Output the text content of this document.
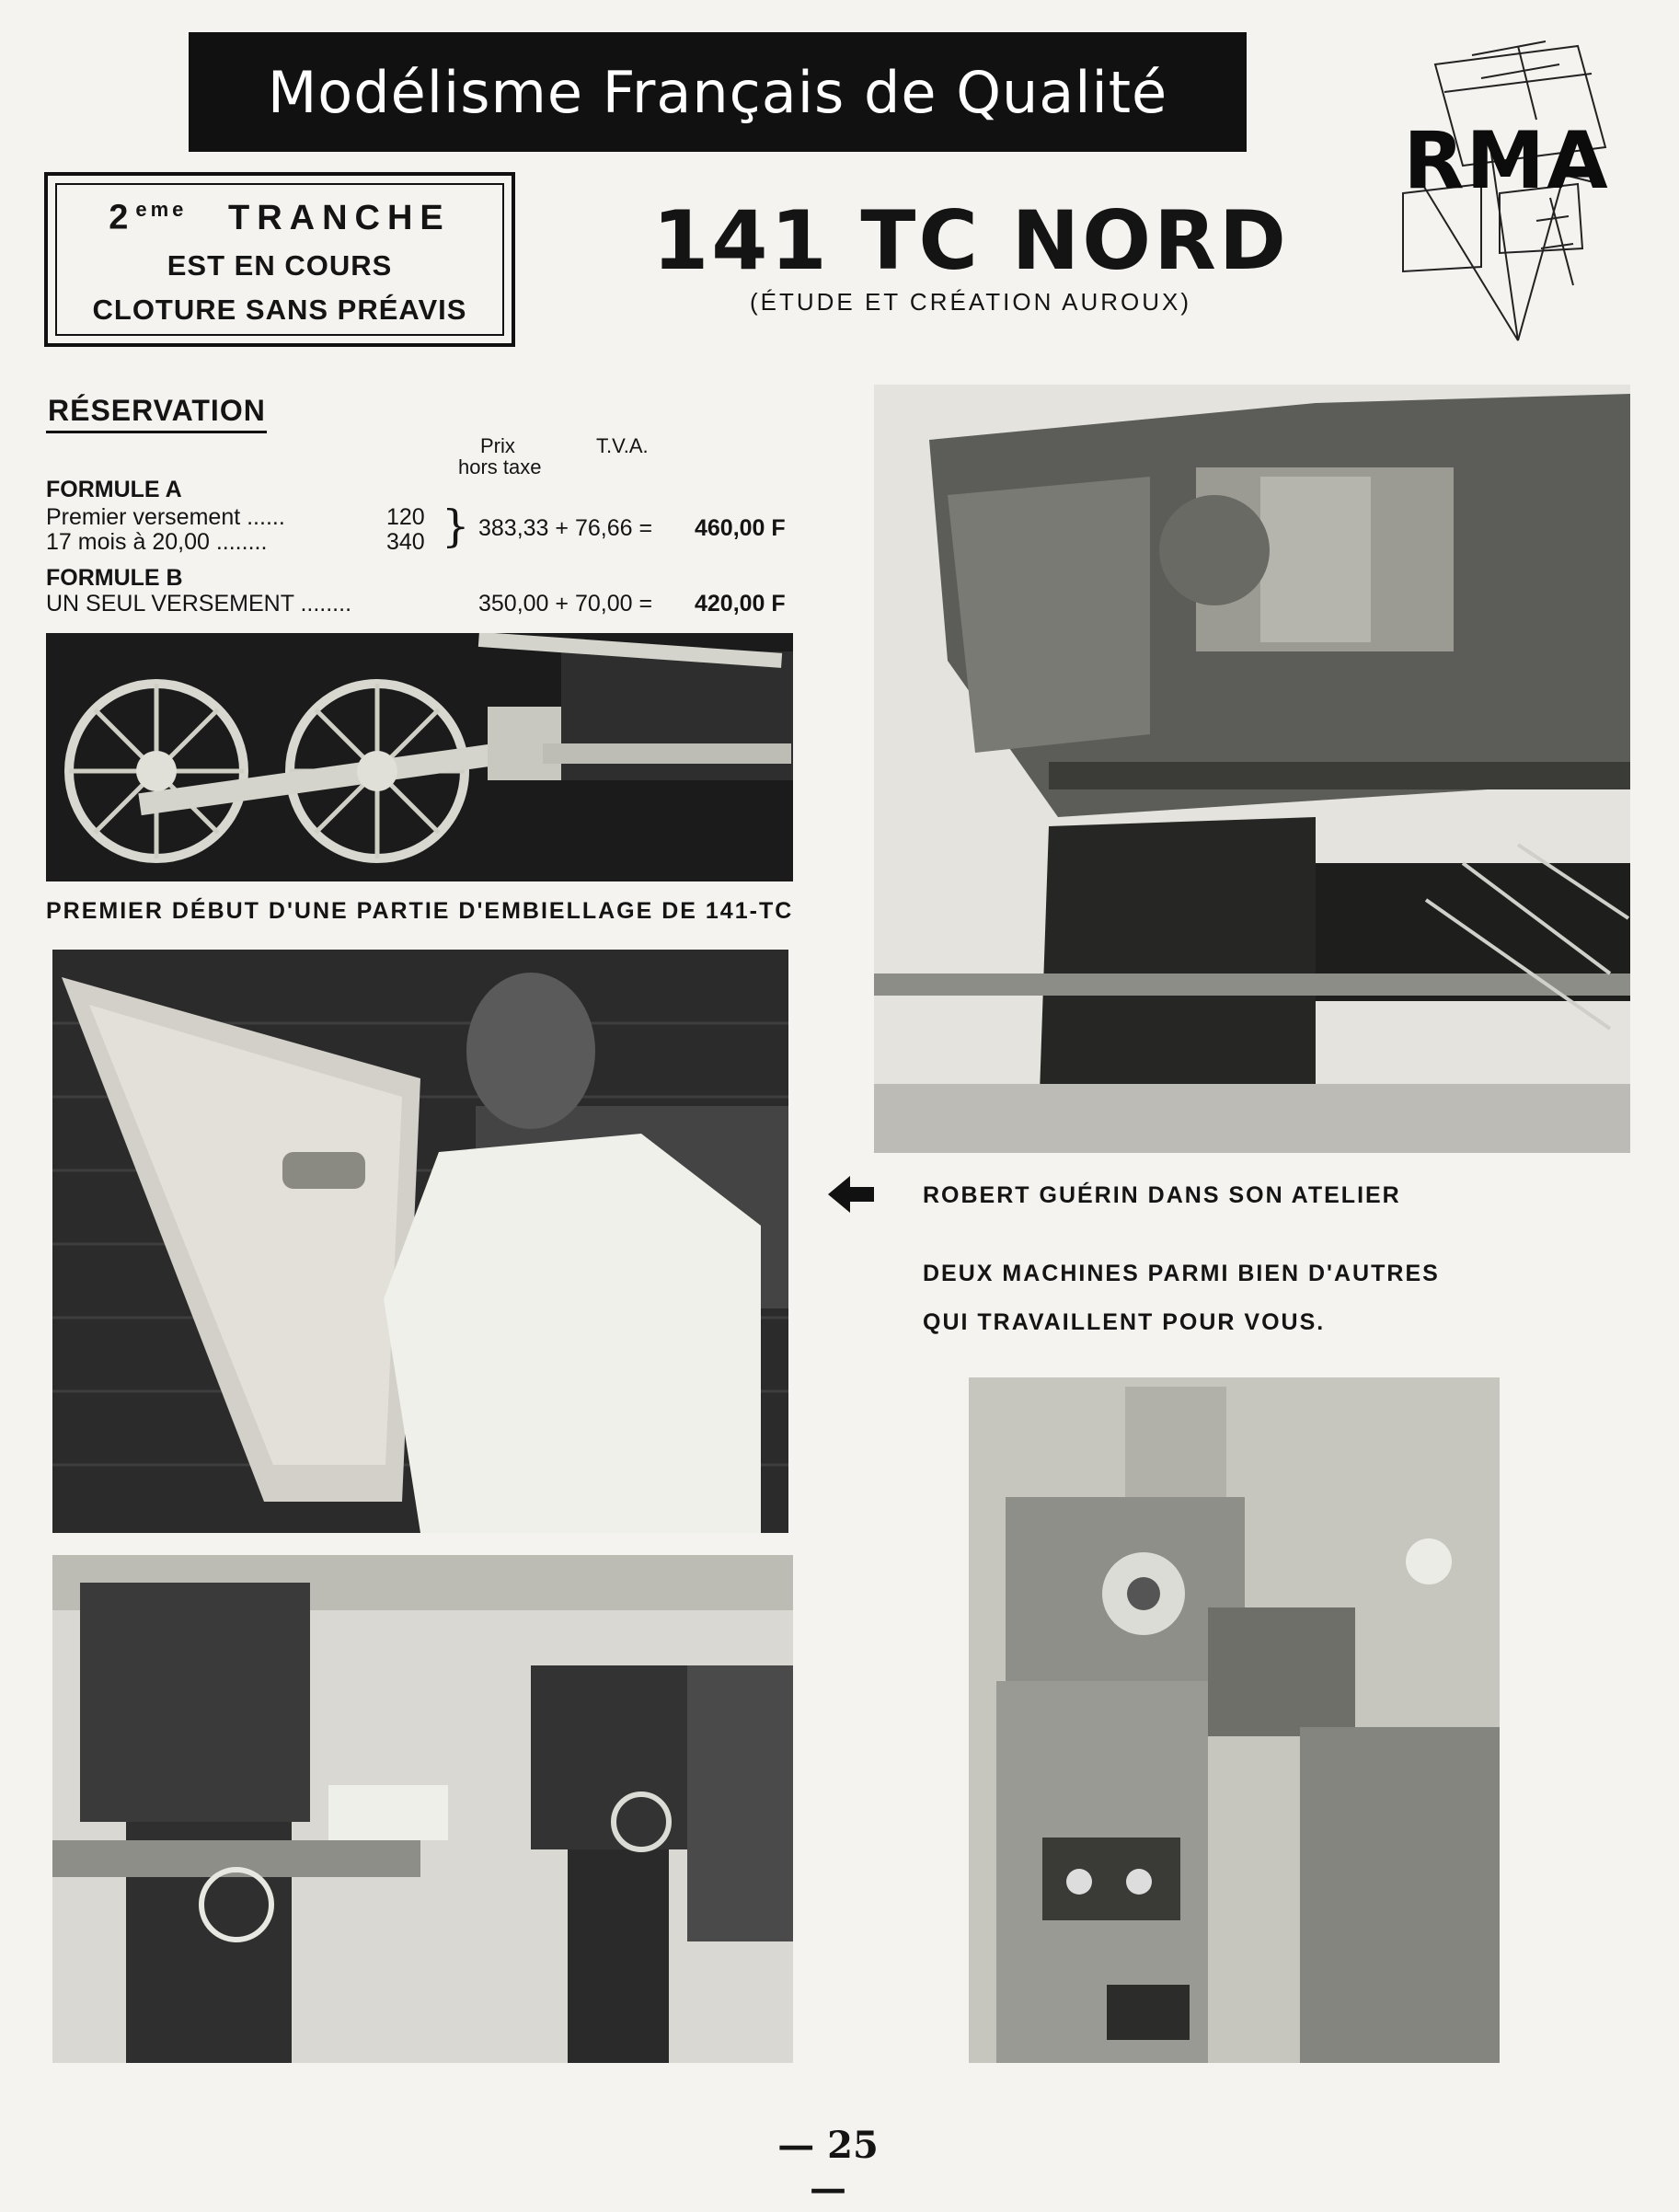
Modélisme Français de Qualité
RMA
2eme TRANCHE
EST EN COURS
CLOTURE SANS PRÉAVIS
141 TC NORD
(ÉTUDE ET CRÉATION AUROUX)
RÉSERVATION
Prix
hors taxe
T.V.A.
FORMULE A
Premier versement ......	120
17 mois à 20,00 ........	340 } 383,33 + 76,66 = 460,00 F
FORMULE B
UN SEUL VERSEMENT ........	350,00 + 70,00 = 420,00 F
PREMIER DÉBUT D'UNE PARTIE D'EMBIELLAGE DE 141-TC
ROBERT GUÉRIN DANS SON ATELIER
DEUX MACHINES PARMI BIEN D'AUTRES
QUI TRAVAILLENT POUR VOUS.
— 25 —
